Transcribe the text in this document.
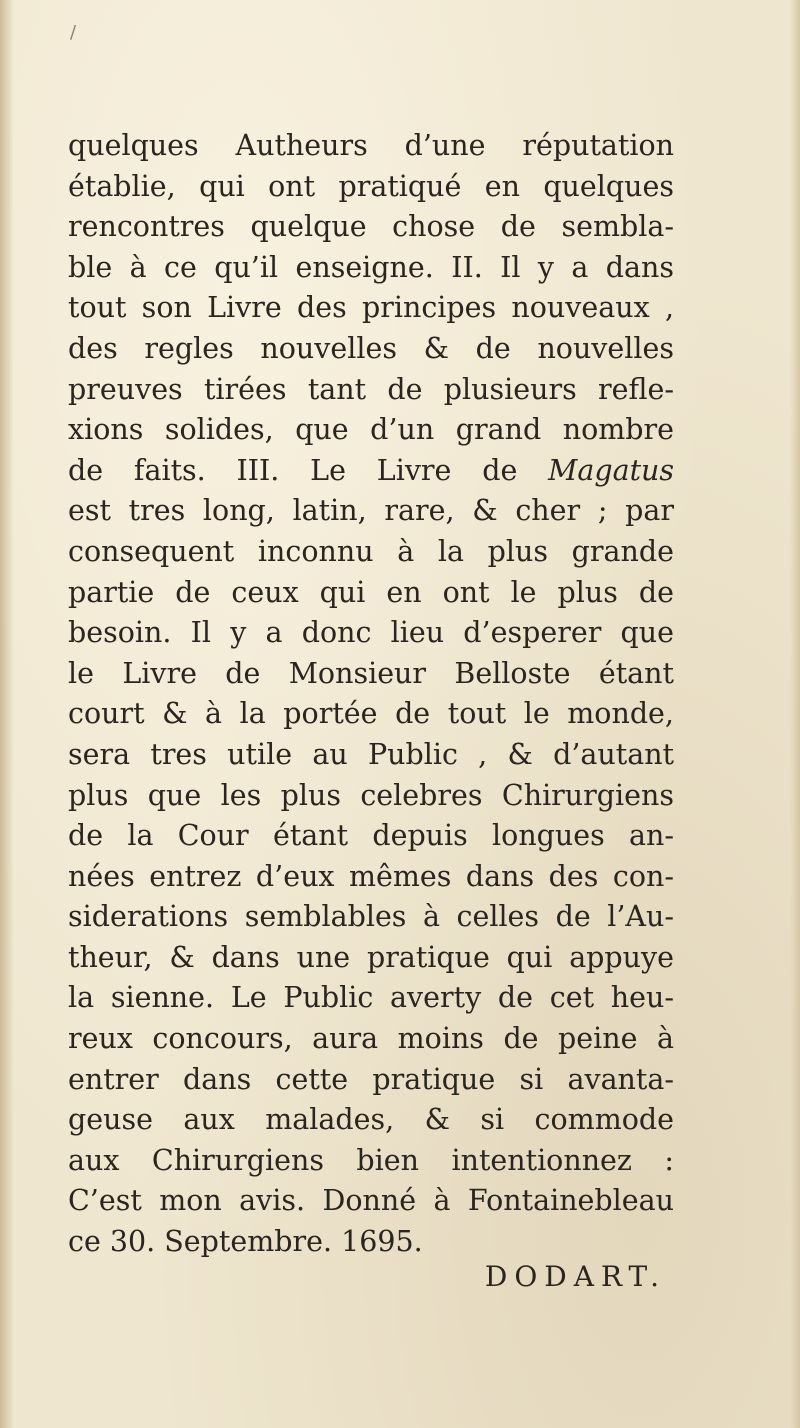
/
quelques Autheurs d’une réputation
établie, qui ont pratiqué en quelques
rencontres quelque chose de sembla-
ble à ce qu’il enseigne. II. Il y a dans
tout son Livre des principes nouveaux ,
des regles nouvelles & de nouvelles
preuves tirées tant de plusieurs refle-
xions solides, que d’un grand nombre
de faits. III. Le Livre de Magatus
est tres long, latin, rare, & cher ; par
consequent inconnu à la plus grande
partie de ceux qui en ont le plus de
besoin. Il y a donc lieu d’esperer que
le Livre de Monsieur Belloste étant
court & à la portée de tout le monde,
sera tres utile au Public , & d’autant
plus que les plus celebres Chirurgiens
de la Cour étant depuis longues an-
nées entrez d’eux mêmes dans des con-
siderations semblables à celles de l’Au-
theur, & dans une pratique qui appuye
la sienne. Le Public averty de cet heu-
reux concours, aura moins de peine à
entrer dans cette pratique si avanta-
geuse aux malades, & si commode
aux Chirurgiens bien intentionnez :
C’est mon avis. Donné à Fontainebleau
ce 30. Septembre. 1695.
DODART.
